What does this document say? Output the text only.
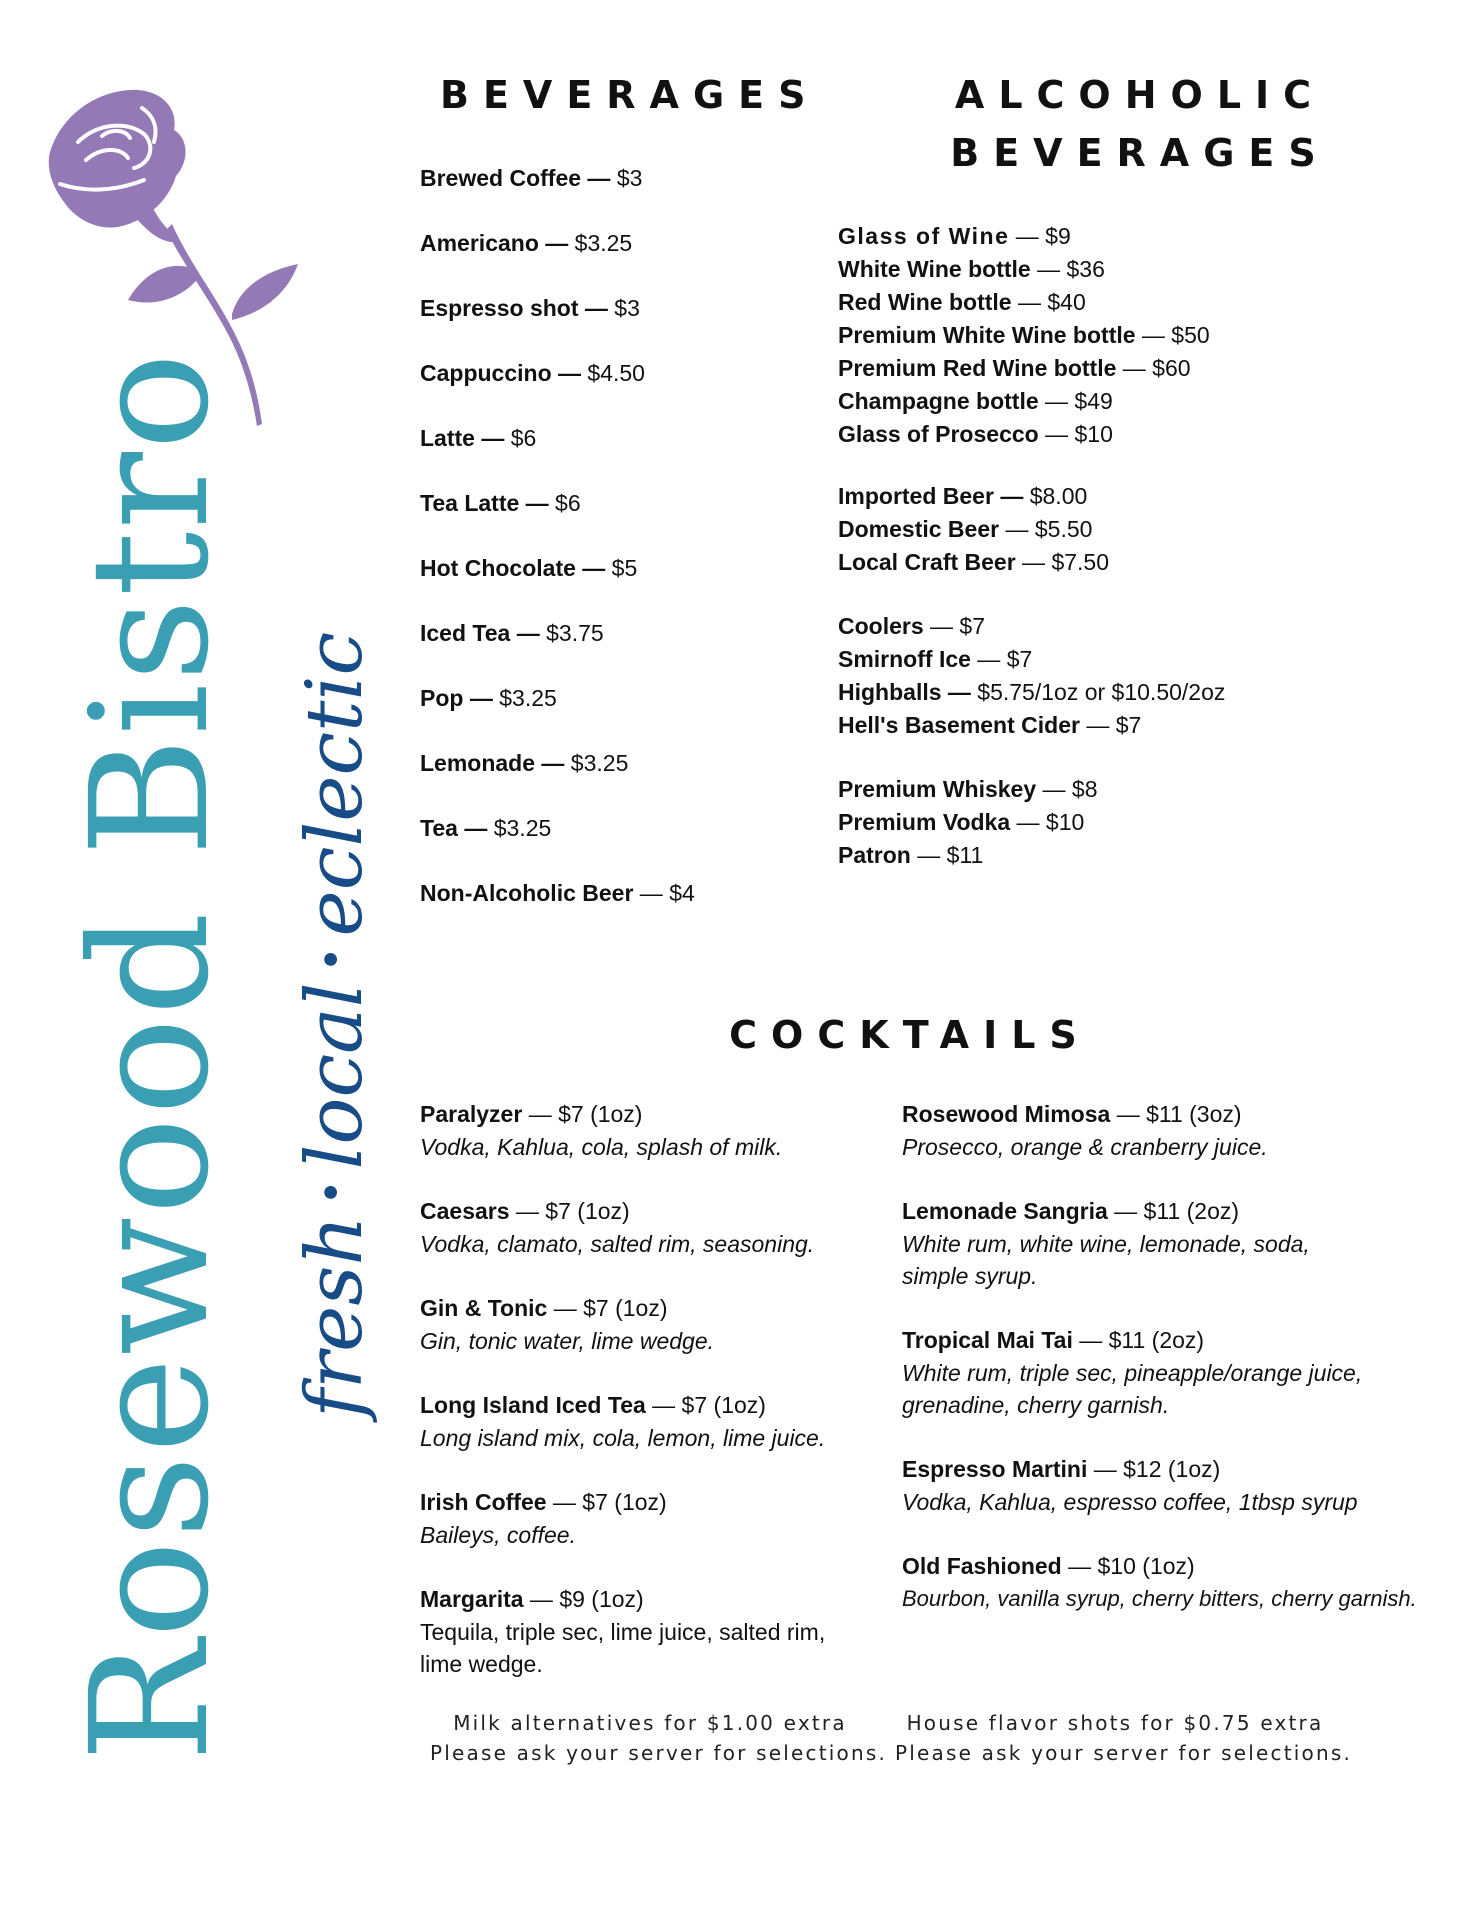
Rosewood Bistro fresh•local•eclectic
BEVERAGES	ALCOHOLIC
BEVERAGES
COCKTAILS
Brewed Coffee — $3
Americano — $3.25
Espresso shot — $3
Cappuccino — $4.50
Latte — $6
Tea Latte — $6
Hot Chocolate — $5
Iced Tea — $3.75
Pop — $3.25
Lemonade — $3.25
Tea — $3.25
Non-Alcoholic Beer — $4
Glass of Wine — $9
White Wine bottle — $36
Red Wine bottle — $40
Premium White Wine bottle — $50
Premium Red Wine bottle — $60
Champagne bottle — $49
Glass of Prosecco — $10
Imported Beer — $8.00
Domestic Beer — $5.50
Local Craft Beer — $7.50
Coolers — $7
Smirnoff Ice — $7
Highballs — $5.75/1oz or $10.50/2oz
Hell's Basement Cider — $7
Premium Whiskey — $8
Premium Vodka — $10
Patron — $11
Paralyzer — $7 (1oz)
Vodka, Kahlua, cola, splash of milk.
Caesars — $7 (1oz)
Vodka, clamato, salted rim, seasoning.
Gin & Tonic — $7 (1oz)
Gin, tonic water, lime wedge.
Long Island Iced Tea — $7 (1oz)
Long island mix, cola, lemon, lime juice.
Irish Coffee — $7 (1oz)
Baileys, coffee.
Margarita — $9 (1oz)
Tequila, triple sec, lime juice, salted rim, lime wedge.
Rosewood Mimosa — $11 (3oz)
Prosecco, orange & cranberry juice.
Lemonade Sangria — $11 (2oz)
White rum, white wine, lemonade, soda, simple syrup.
Tropical Mai Tai — $11 (2oz)
White rum, triple sec, pineapple/orange juice, grenadine, cherry garnish.
Espresso Martini — $12 (1oz)
Vodka, Kahlua, espresso coffee, 1tbsp syrup
Old Fashioned — $10 (1oz)
Bourbon, vanilla syrup, cherry bitters, cherry garnish.
Milk alternatives for $1.00 extra
Please ask your server for selections.
House flavor shots for $0.75 extra
Please ask your server for selections.
